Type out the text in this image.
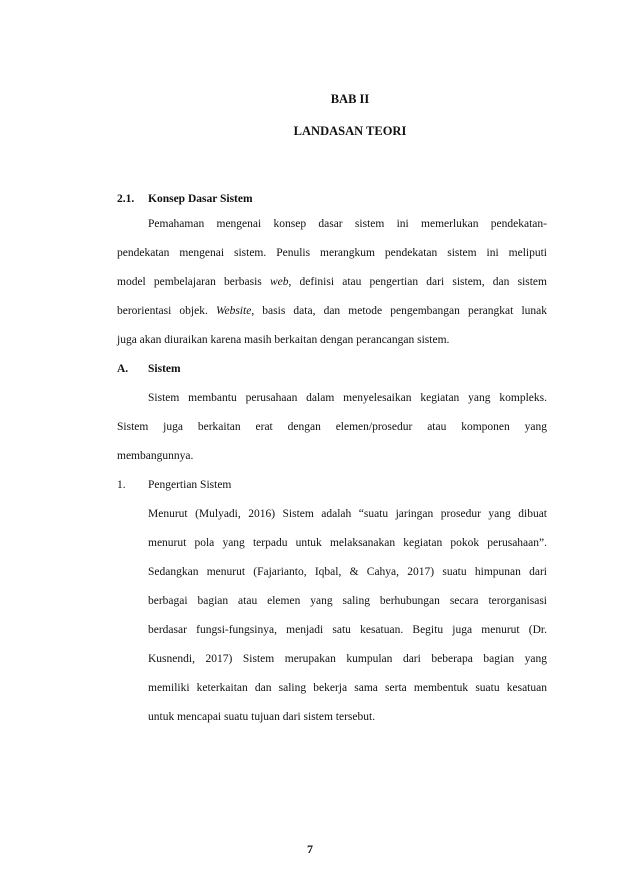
BAB II
LANDASAN TEORI
2.1. Konsep Dasar Sistem
Pemahaman mengenai konsep dasar sistem ini memerlukan pendekatan-
pendekatan mengenai sistem. Penulis merangkum pendekatan sistem ini meliputi
model pembelajaran berbasis web, definisi atau pengertian dari sistem, dan sistem
berorientasi objek. Website, basis data, dan metode pengembangan perangkat lunak
juga akan diuraikan karena masih berkaitan dengan perancangan sistem.
A. Sistem
Sistem membantu perusahaan dalam menyelesaikan kegiatan yang kompleks.
Sistem juga berkaitan erat dengan elemen/prosedur atau komponen yang
membangunnya.
1. Pengertian Sistem
Menurut (Mulyadi, 2016) Sistem adalah “suatu jaringan prosedur yang dibuat
menurut pola yang terpadu untuk melaksanakan kegiatan pokok perusahaan”.
Sedangkan menurut (Fajarianto, Iqbal, & Cahya, 2017) suatu himpunan dari
berbagai bagian atau elemen yang saling berhubungan secara terorganisasi
berdasar fungsi-fungsinya, menjadi satu kesatuan. Begitu juga menurut (Dr.
Kusnendi, 2017) Sistem merupakan kumpulan dari beberapa bagian yang
memiliki keterkaitan dan saling bekerja sama serta membentuk suatu kesatuan
untuk mencapai suatu tujuan dari sistem tersebut.
7
